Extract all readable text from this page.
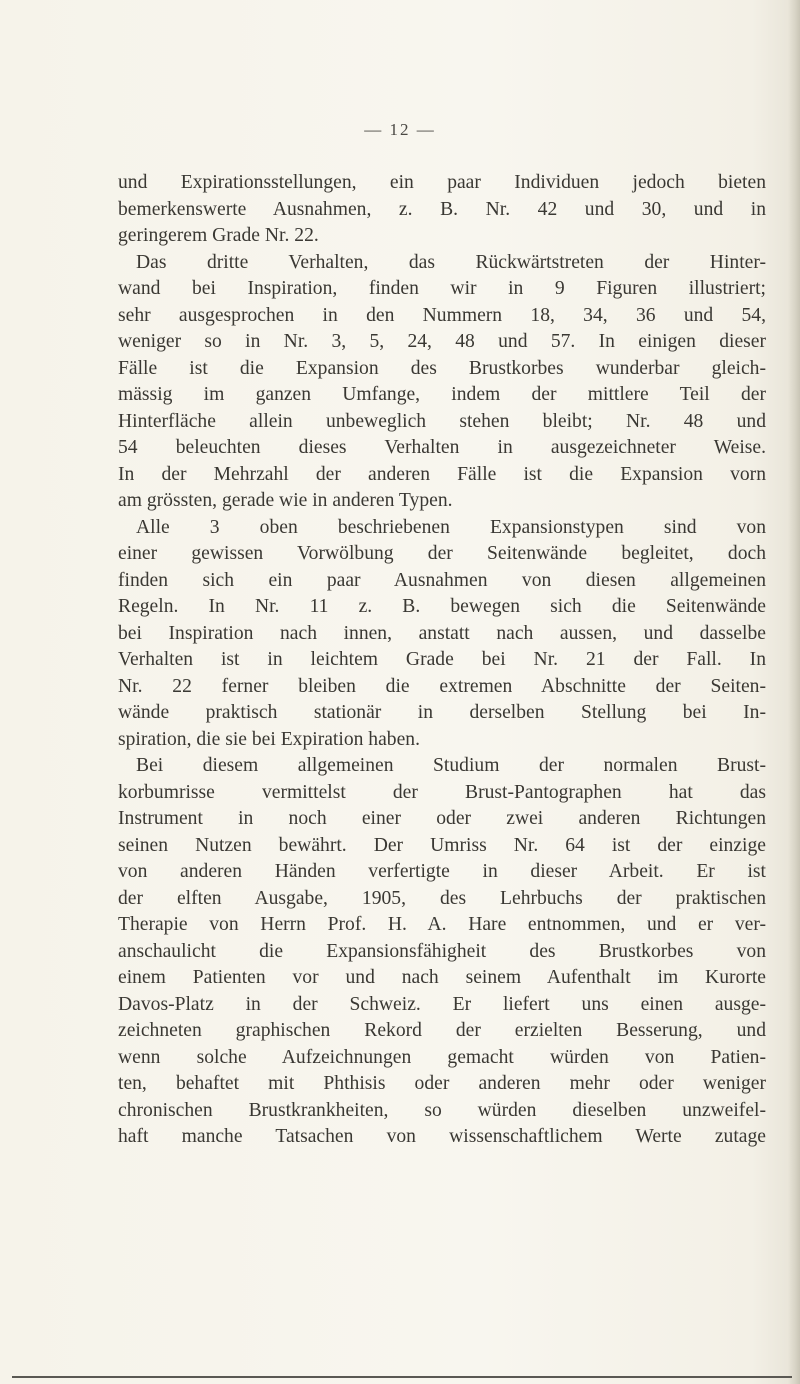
— 12 —
und Expirationsstellungen, ein paar Individuen jedoch bieten
bemerkenswerte Ausnahmen, z. B. Nr. 42 und 30, und in
geringerem Grade Nr. 22.
Das dritte Verhalten, das Rückwärtstreten der Hinter-
wand bei Inspiration, finden wir in 9 Figuren illustriert;
sehr ausgesprochen in den Nummern 18, 34, 36 und 54,
weniger so in Nr. 3, 5, 24, 48 und 57. In einigen dieser
Fälle ist die Expansion des Brustkorbes wunderbar gleich-
mässig im ganzen Umfange, indem der mittlere Teil der
Hinterfläche allein unbeweglich stehen bleibt; Nr. 48 und
54 beleuchten dieses Verhalten in ausgezeichneter Weise.
In der Mehrzahl der anderen Fälle ist die Expansion vorn
am grössten, gerade wie in anderen Typen.
Alle 3 oben beschriebenen Expansionstypen sind von
einer gewissen Vorwölbung der Seitenwände begleitet, doch
finden sich ein paar Ausnahmen von diesen allgemeinen
Regeln. In Nr. 11 z. B. bewegen sich die Seitenwände
bei Inspiration nach innen, anstatt nach aussen, und dasselbe
Verhalten ist in leichtem Grade bei Nr. 21 der Fall. In
Nr. 22 ferner bleiben die extremen Abschnitte der Seiten-
wände praktisch stationär in derselben Stellung bei In-
spiration, die sie bei Expiration haben.
Bei diesem allgemeinen Studium der normalen Brust-
korbumrisse vermittelst der Brust-Pantographen hat das
Instrument in noch einer oder zwei anderen Richtungen
seinen Nutzen bewährt. Der Umriss Nr. 64 ist der einzige
von anderen Händen verfertigte in dieser Arbeit. Er ist
der elften Ausgabe, 1905, des Lehrbuchs der praktischen
Therapie von Herrn Prof. H. A. Hare entnommen, und er ver-
anschaulicht die Expansionsfähigheit des Brustkorbes von
einem Patienten vor und nach seinem Aufenthalt im Kurorte
Davos-Platz in der Schweiz. Er liefert uns einen ausge-
zeichneten graphischen Rekord der erzielten Besserung, und
wenn solche Aufzeichnungen gemacht würden von Patien-
ten, behaftet mit Phthisis oder anderen mehr oder weniger
chronischen Brustkrankheiten, so würden dieselben unzweifel-
haft manche Tatsachen von wissenschaftlichem Werte zutage
